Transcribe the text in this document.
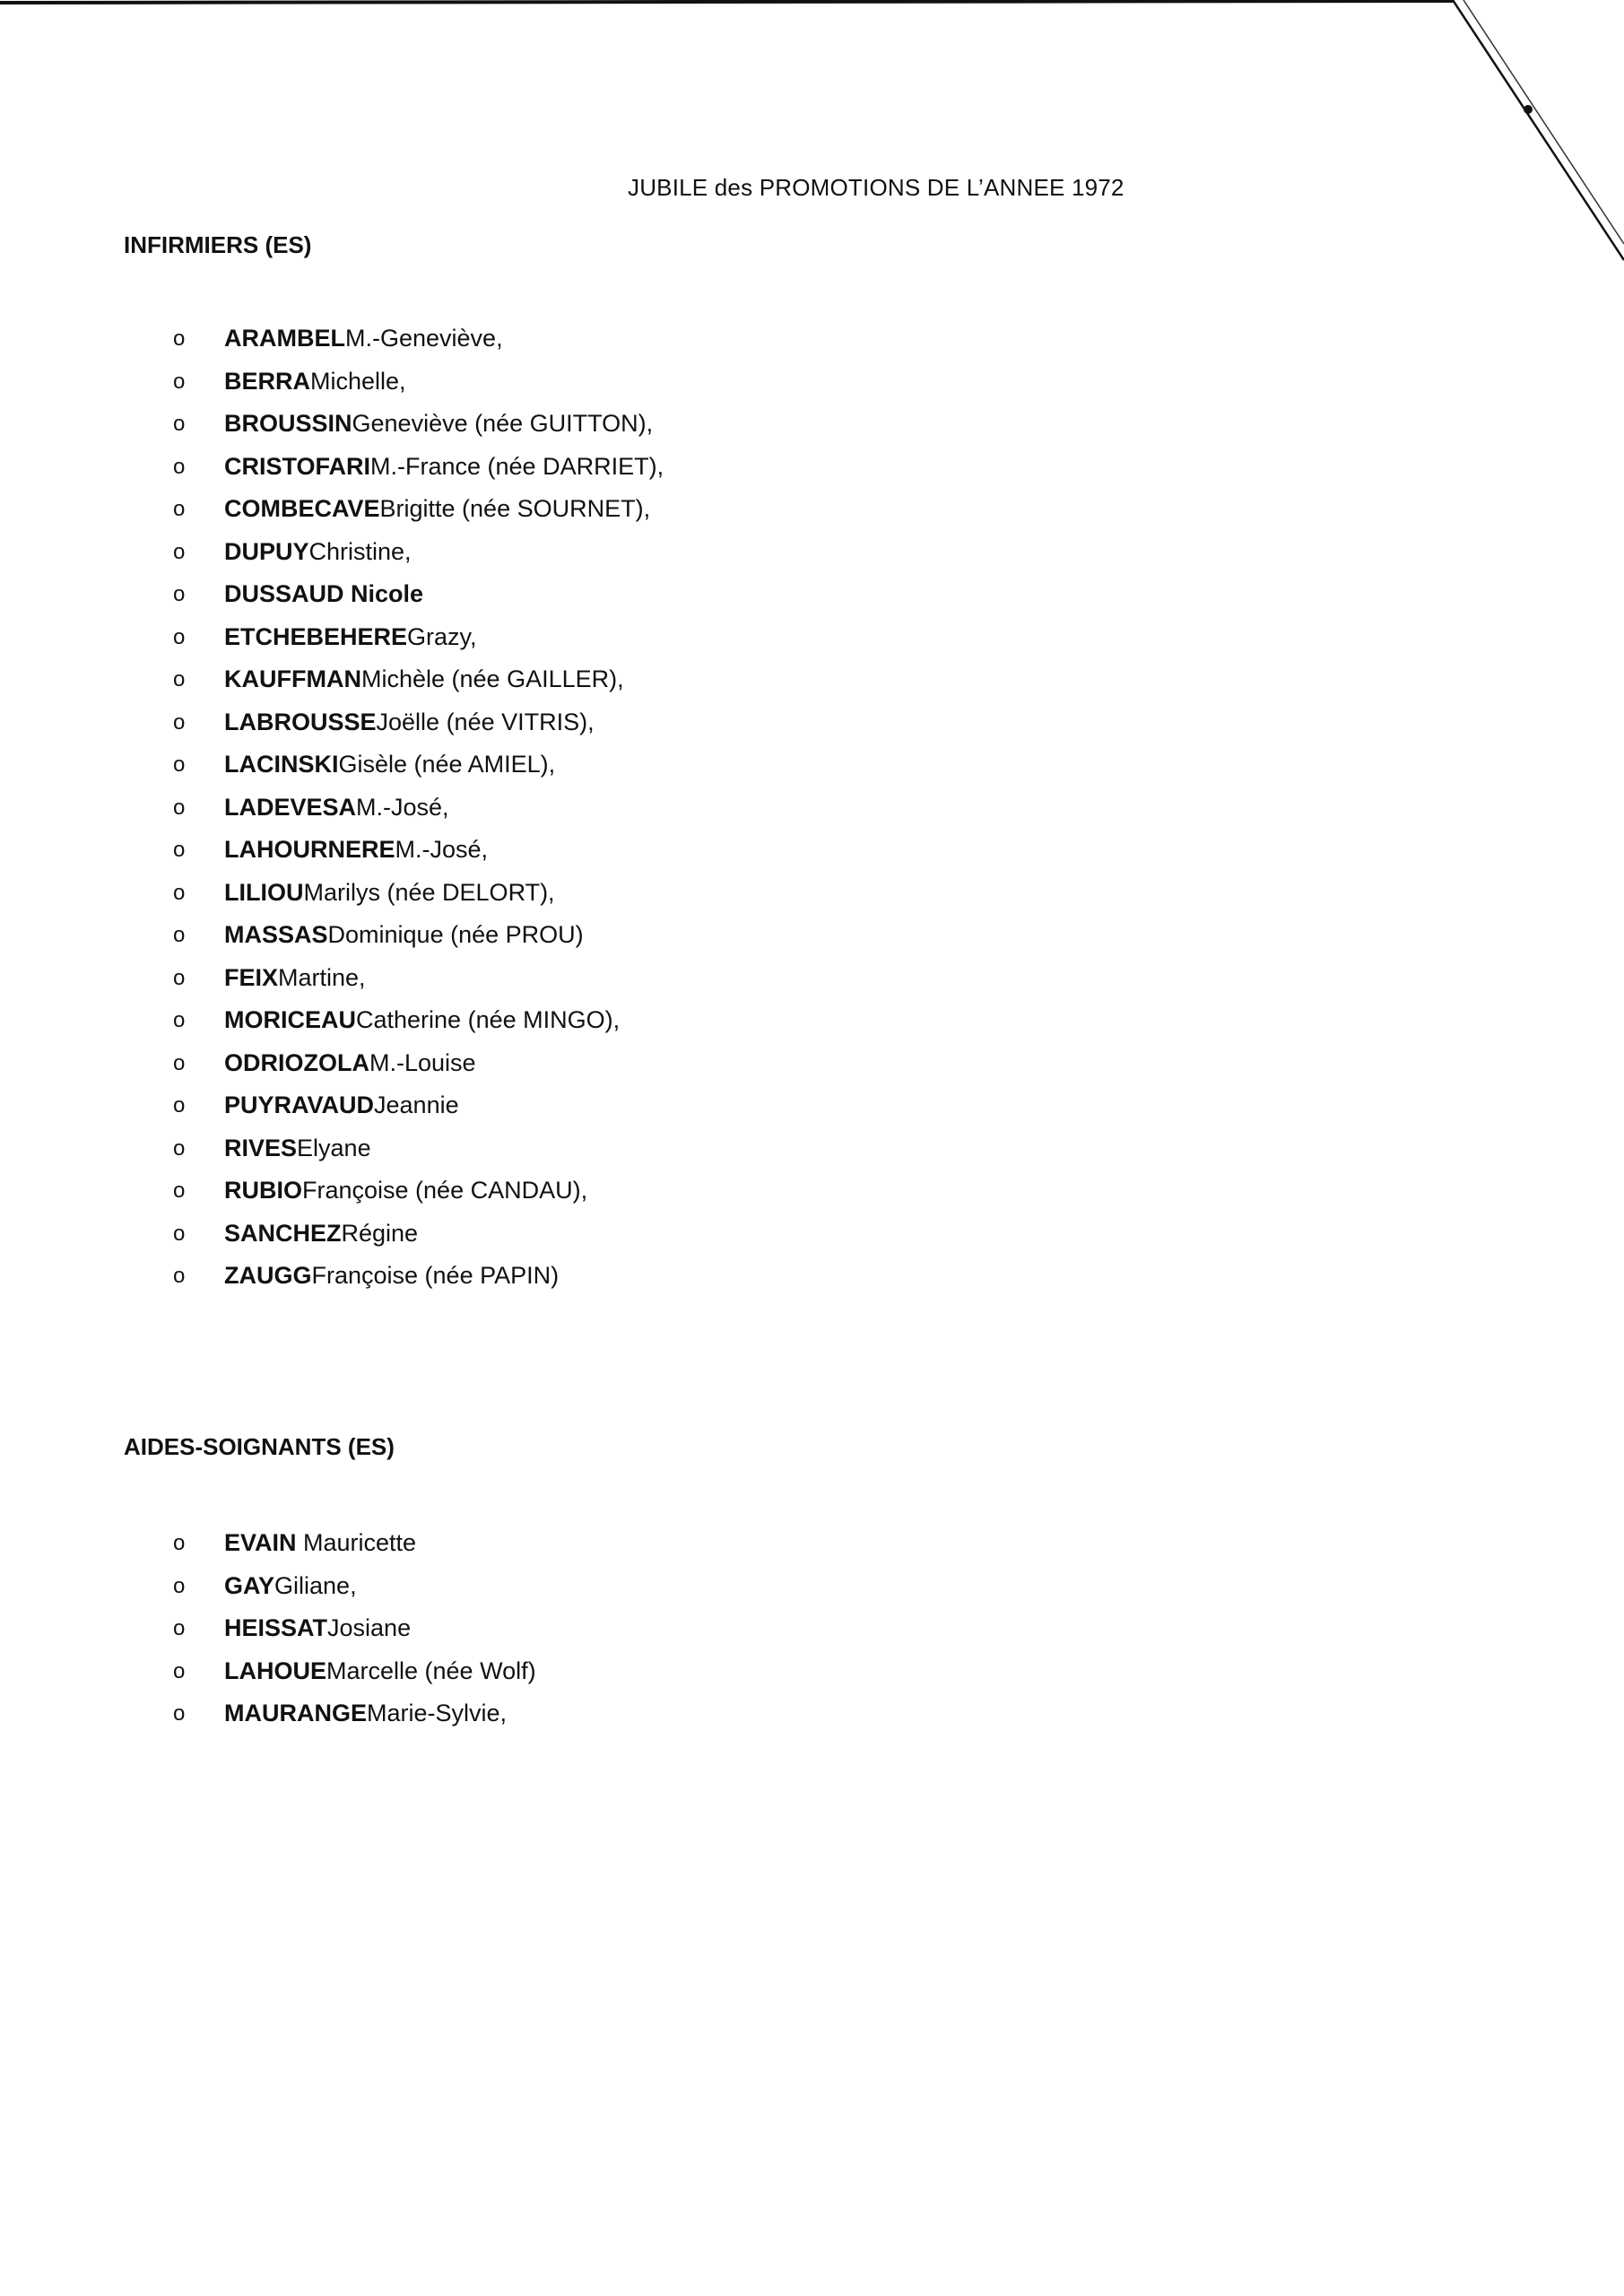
JUBILE des PROMOTIONS DE L’ANNEE 1972
INFIRMIERS (ES)
o	ARAMBEL M.-Geneviève,
o	BERRA Michelle,
o	BROUSSIN Geneviève (née GUITTON),
o	CRISTOFARI M.-France (née DARRIET),
o	COMBECAVE Brigitte (née SOURNET),
o	DUPUY Christine,
o	DUSSAUD Nicole
o	ETCHEBEHERE Grazy,
o	KAUFFMAN Michèle (née GAILLER),
o	LABROUSSE Joëlle (née VITRIS),
o	LACINSKI Gisèle (née AMIEL),
o	LADEVESA M.-José,
o	LAHOURNERE M.-José,
o	LILIOU Marilys (née DELORT),
o	MASSAS Dominique (née PROU)
o	FEIX Martine,
o	MORICEAU Catherine (née MINGO),
o	ODRIOZOLA M.-Louise
o	PUYRAVAUD Jeannie
o	RIVES Elyane
o	RUBIO Françoise (née CANDAU),
o	SANCHEZ Régine
o	ZAUGG Françoise (née PAPIN)
AIDES-SOIGNANTS (ES)
o	EVAIN Mauricette
o	GAY Giliane,
o	HEISSAT Josiane
o	LAHOUE Marcelle (née Wolf)
o	MAURANGE Marie-Sylvie,
